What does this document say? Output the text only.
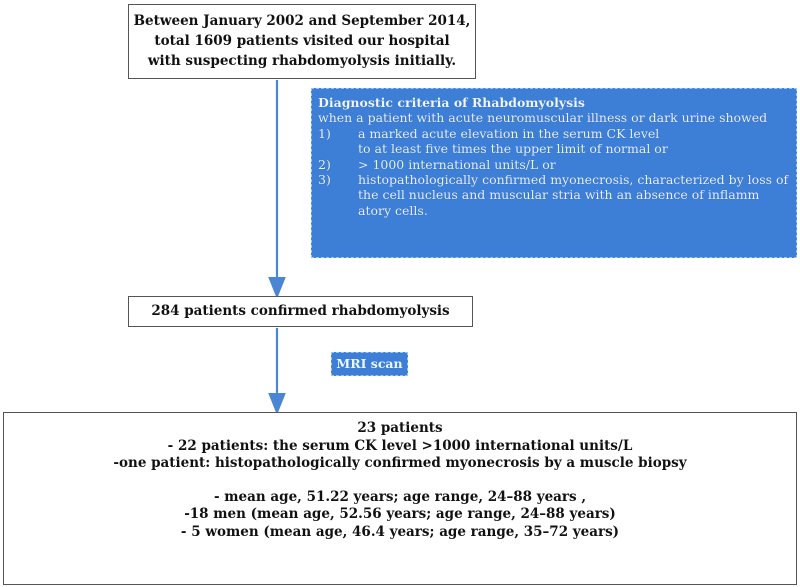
Between January 2002 and September 2014,
total 1609 patients visited our hospital
with suspecting rhabdomyolysis initially.
Diagnostic criteria of Rhabdomyolysis
when a patient with acute neuromuscular illness or dark urine showed
1)	a marked acute elevation in the serum CK level
to at least five times the upper limit of normal or
2)	> 1000 international units/L or
3)	histopathologically confirmed myonecrosis, characterized by loss of the cell nucleus and muscular stria with an absence of inflamm atory cells.
284 patients confirmed rhabdomyolysis
MRI scan
23 patients
- 22 patients: the serum CK level >1000 international units/L
-one patient: histopathologically confirmed myonecrosis by a muscle biopsy
- mean age, 51.22 years; age range, 24–88 years ,
-18 men (mean age, 52.56 years; age range, 24–88 years)
- 5 women (mean age, 46.4 years; age range, 35–72 years)
